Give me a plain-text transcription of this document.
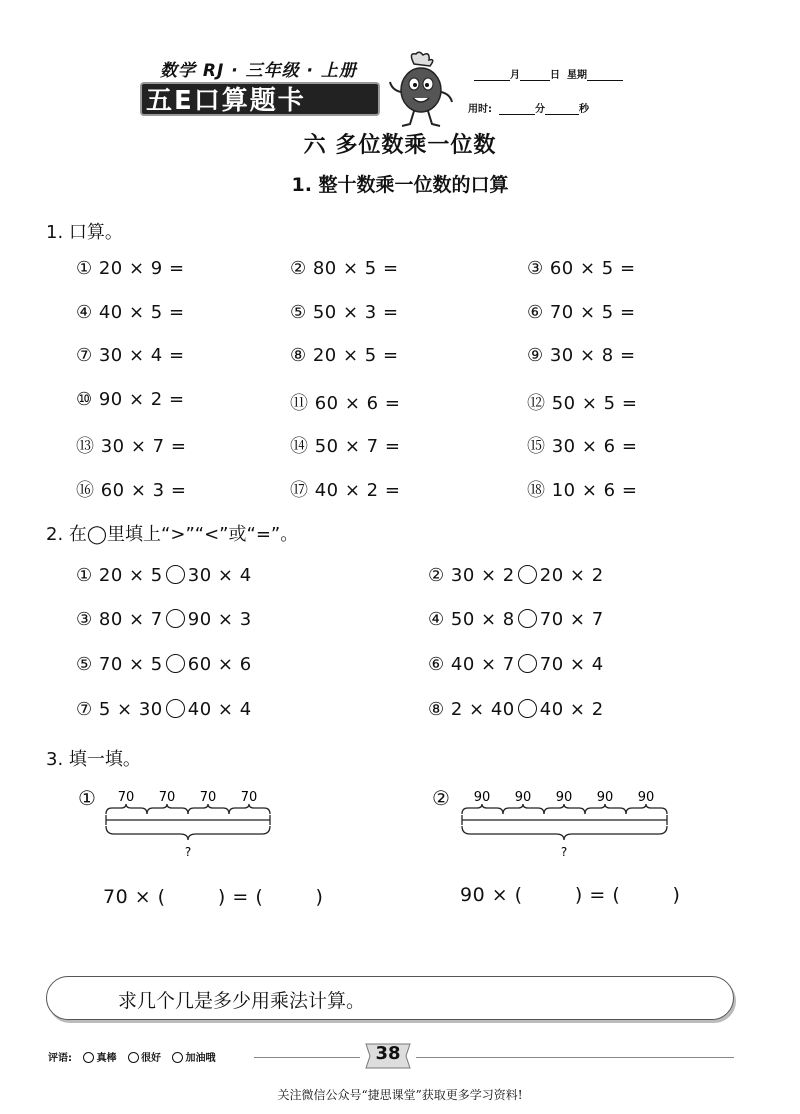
数学 RJ · 三年级 · 上册
五E口算题卡
月	日 星期
用时:	分	秒
六 多位数乘一位数
1. 整十数乘一位数的口算
1. 口算。
① 20 × 9 =	② 80 × 5 =	③ 60 × 5 =
④ 40 × 5 =	⑤ 50 × 3 =	⑥ 70 × 5 =
⑦ 30 × 4 =	⑧ 20 × 5 =	⑨ 30 × 8 =
⑩ 90 × 2 =	⑪ 60 × 6 =	⑫ 50 × 5 =
⑬ 30 × 7 =	⑭ 50 × 7 =	⑮ 30 × 6 =
⑯ 60 × 3 =	⑰ 40 × 2 =	⑱ 10 × 6 =
2. 在◯里填上“>”“<”或“=”。
① 20 × 5 30 × 4	② 30 × 2 20 × 2
③ 80 × 7 90 × 3	④ 50 × 8 70 × 7
⑤ 70 × 5 60 × 6	⑥ 40 × 7 70 × 4
⑦ 5 × 30 40 × 4	⑧ 2 × 40 40 × 2
3. 填一填。
① 70 70 70 70
?
70 × (        ) = (        )
② 90 90 90 90 90
?
90 × (        ) = (        )
求几个几是多少用乘法计算。
评语: 真棒 很好 加油哦	38
关注微信公众号“捷思课堂”获取更多学习资料!
